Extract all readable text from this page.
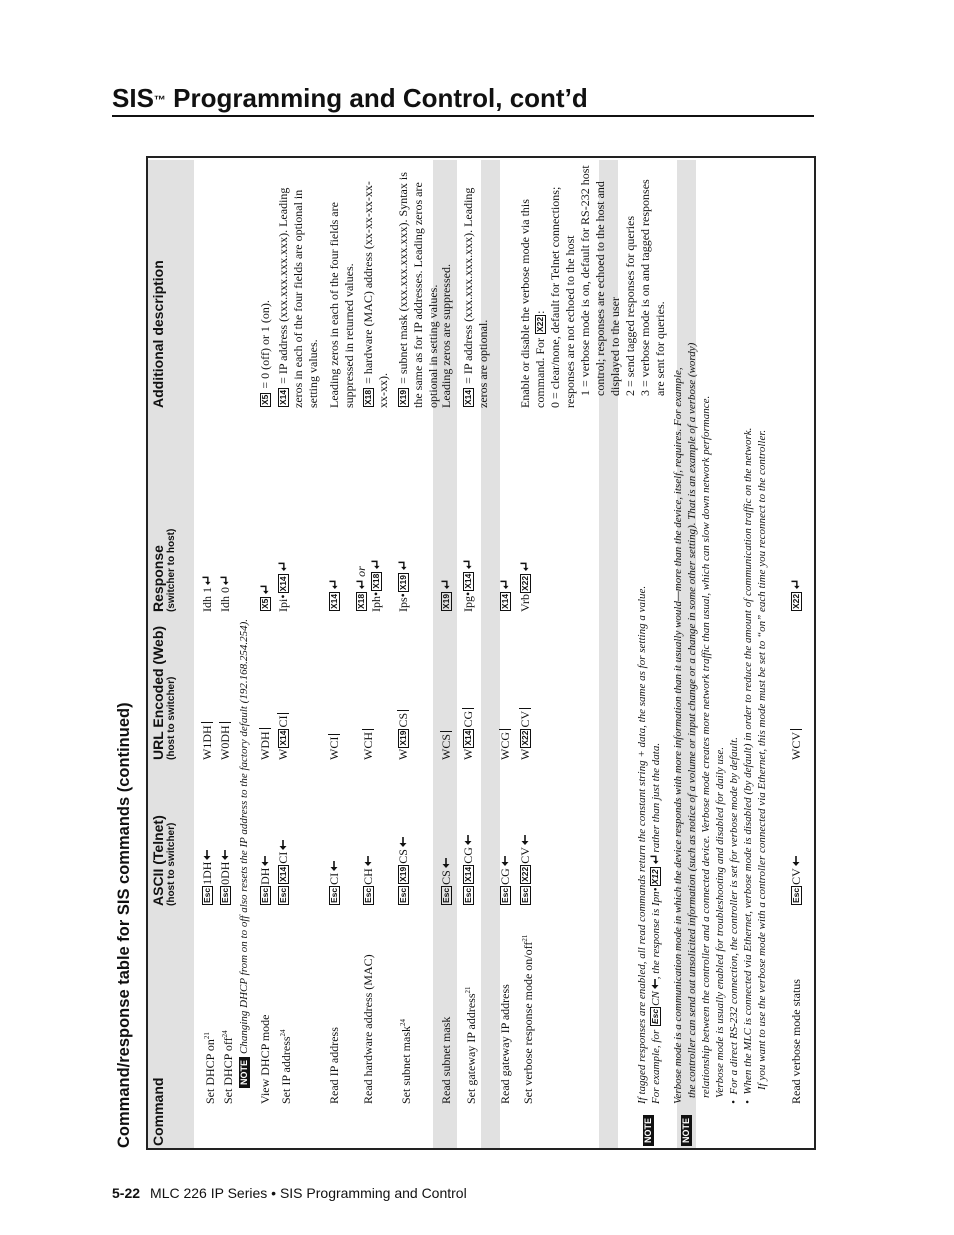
SIS™ Programming and Control, cont’d
Command/response table for SIS commands (continued) Command
ASCII (Telnet) (host to switcher)
URL Encoded (Web) (host to switcher)
Response (switcher to host)
Additional description
Set DHCP $on^{21}$
Esc1DH
W1DH
Idh 1
Set DHCP off$^{24}$
Esc0DH
W0DH
Idh 0
NOTE Changing DHCP from on to off also resets the IP address to the factory default (192.168.254.254).
View DHCP mode
EscDH
WDH
X5
X5 = 0 (off) or 1 (on).
Set IP address$^{24}$
EscX14CI
WX14CI
Ipi•X14
X14 = IP address (xxx.xxx.xxx.xxx). Leading zeros in each of the four fields are optional in setting values.
Read IP address
EscCI
WCI
X14
Leading zeros in each of the four fields are suppressed in returned values.
Read hardware address (MAC)
EscCH
WCH
X18 or
Iph•X18
X18 = hardware (MAC) address (xx-xx-xx-xx-xx-xx).
Set subnet mask$^{24}$
EscX19CS
WX19CS
Ips•X19
X19 = subnet mask (xxx.xxx.xxx.xxx). Syntax is the same as for IP addresses. Leading zeros are optional in setting values.
Read subnet mask
EscCS
WCS
X19
Leading zeros are suppressed.
Set gateway IP address$^{21}$
EscX14CG
WX14CG
Ipg•X14
X14 = IP address (xxx.xxx.xxx.xxx). Leading zeros are optional.
Read gateway IP address
EscCG
WCG
X14
Set verbose response mode on/off$^{21}$
EscX22CV
WX22CV
VrbX22
Enable or disable the verbose mode via this command. For X22: 0 = clear/none, default for Telnet connections; responses are not echoed to the host 1 = verbose mode is on, default for RS-232 host control; responses are echoed to the host and displayed to the user 2 = send tagged responses for queries 3 = verbose mode is on and tagged responses are sent for queries.
NOTE
If tagged responses are enabled, all read commands return the constant string + data, the same as for setting a value. For example, for EscCN, the response is Ipn•X12 rather than just the data.
NOTE
Verbose mode is a communication mode in which the device responds with more information than it usually would—more than the device, itself, requires. For example, the controller can send out unsolicited information (such as notice of a volume or input change or a change in some other setting). That is an example of a verbose (wordy) relationship between the controller and a connected device. Verbose mode creates more network traffic than usual, which can slow down network performance. Verbose mode is usually enabled for troubleshooting and disabled for daily use.
•  For a direct RS-232 connection, the controller is set for verbose mode by default.
•  When the MLC is connected via Ethernet, verbose mode is disabled (by default) in order to reduce the amount of communication traffic on the network. If you want to use the verbose mode with a controller connected via Ethernet, this mode must be set to “on” each time you reconnect to the controller. Read verbose mode status
EscCV
WCV
X22
5-22 MLC 226 IP Series • SIS Programming and Control
